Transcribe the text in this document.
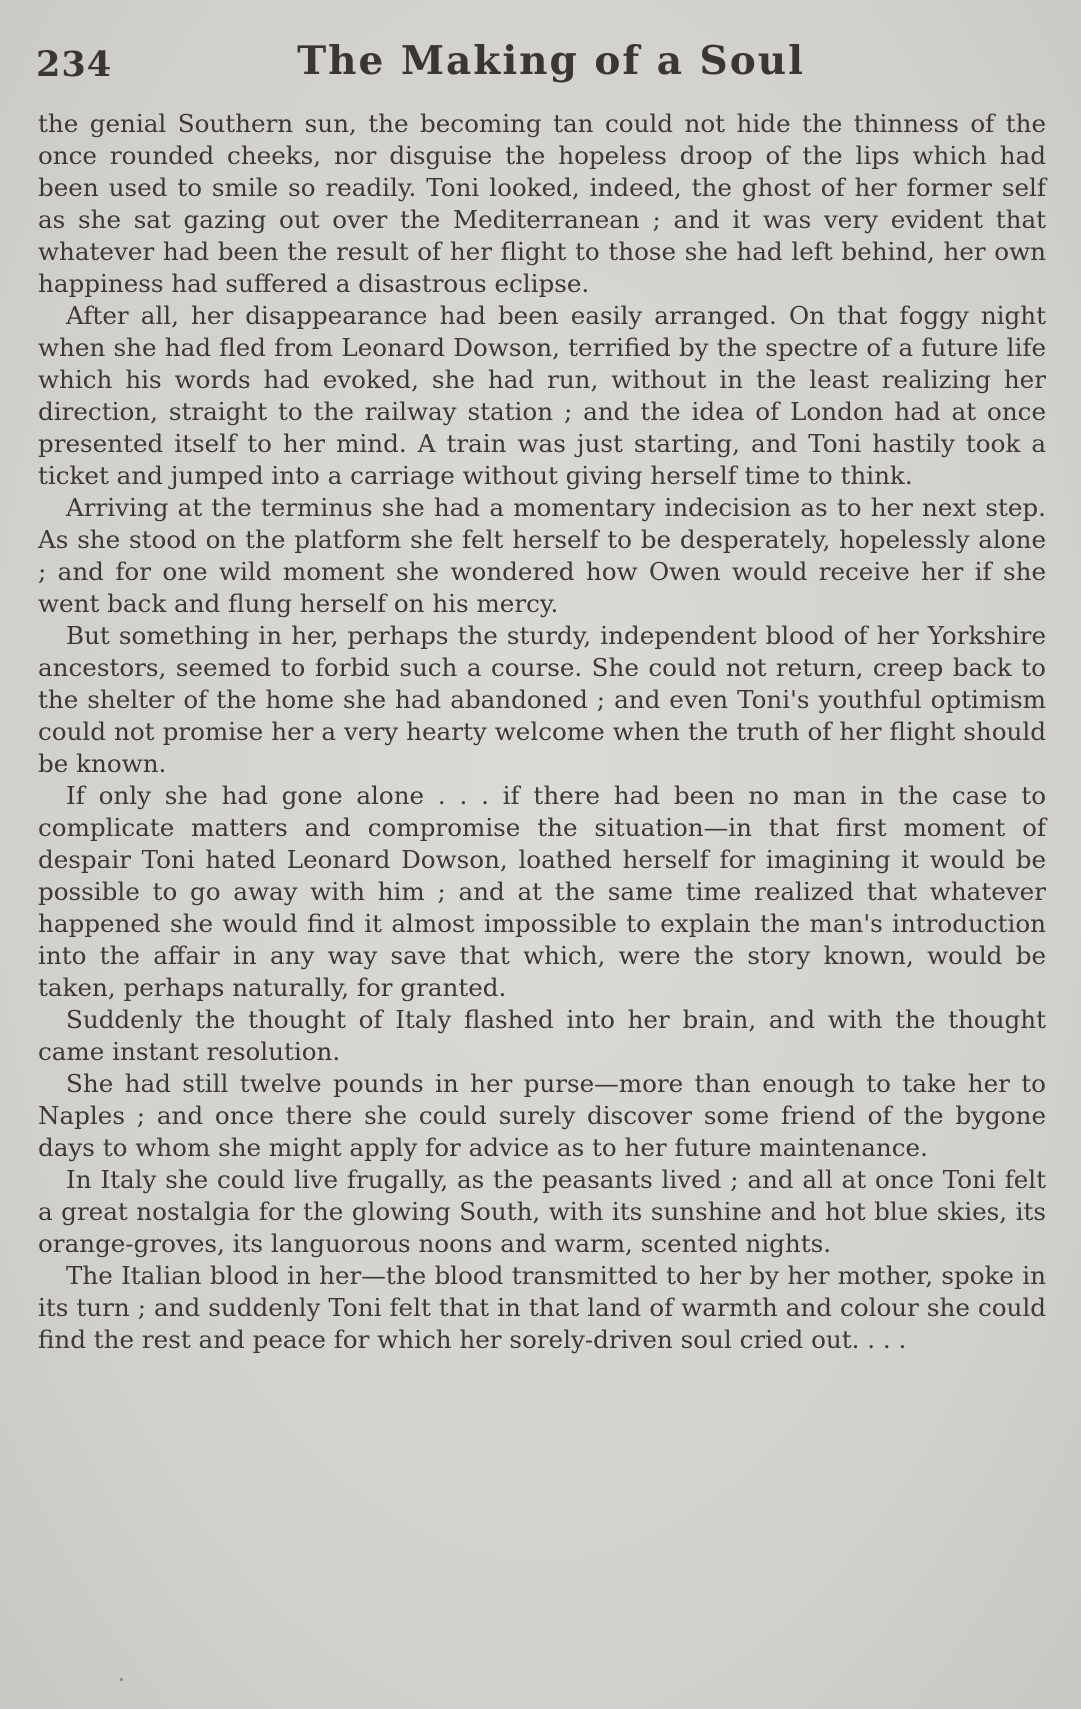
234	The Making of a Soul

the genial Southern sun, the becoming tan could not hide the thinness of the once rounded cheeks, nor disguise the hopeless droop of the lips which had been used to smile so readily. Toni looked, indeed, the ghost of her former self as she sat gazing out over the Mediterranean ; and it was very evident that whatever had been the result of her flight to those she had left behind, her own happiness had suffered a disastrous eclipse.

After all, her disappearance had been easily arranged. On that foggy night when she had fled from Leonard Dowson, terrified by the spectre of a future life which his words had evoked, she had run, without in the least realizing her direction, straight to the railway station ; and the idea of London had at once presented itself to her mind. A train was just starting, and Toni hastily took a ticket and jumped into a carriage without giving herself time to think.

Arriving at the terminus she had a momentary indecision as to her next step. As she stood on the platform she felt herself to be desperately, hopelessly alone ; and for one wild moment she wondered how Owen would receive her if she went back and flung herself on his mercy.

But something in her, perhaps the sturdy, independent blood of her Yorkshire ancestors, seemed to forbid such a course. She could not return, creep back to the shelter of the home she had abandoned ; and even Toni's youthful optimism could not promise her a very hearty welcome when the truth of her flight should be known.

If only she had gone alone . . . if there had been no man in the case to complicate matters and compromise the situation—in that first moment of despair Toni hated Leonard Dowson, loathed herself for imagining it would be possible to go away with him ; and at the same time realized that whatever happened she would find it almost impossible to explain the man's introduction into the affair in any way save that which, were the story known, would be taken, perhaps naturally, for granted.

Suddenly the thought of Italy flashed into her brain, and with the thought came instant resolution.

She had still twelve pounds in her purse—more than enough to take her to Naples ; and once there she could surely discover some friend of the bygone days to whom she might apply for advice as to her future maintenance.

In Italy she could live frugally, as the peasants lived ; and all at once Toni felt a great nostalgia for the glowing South, with its sunshine and hot blue skies, its orange-groves, its languorous noons and warm, scented nights.

The Italian blood in her—the blood transmitted to her by her mother, spoke in its turn ; and suddenly Toni felt that in that land of warmth and colour she could find the rest and peace for which her sorely-driven soul cried out. . . .
